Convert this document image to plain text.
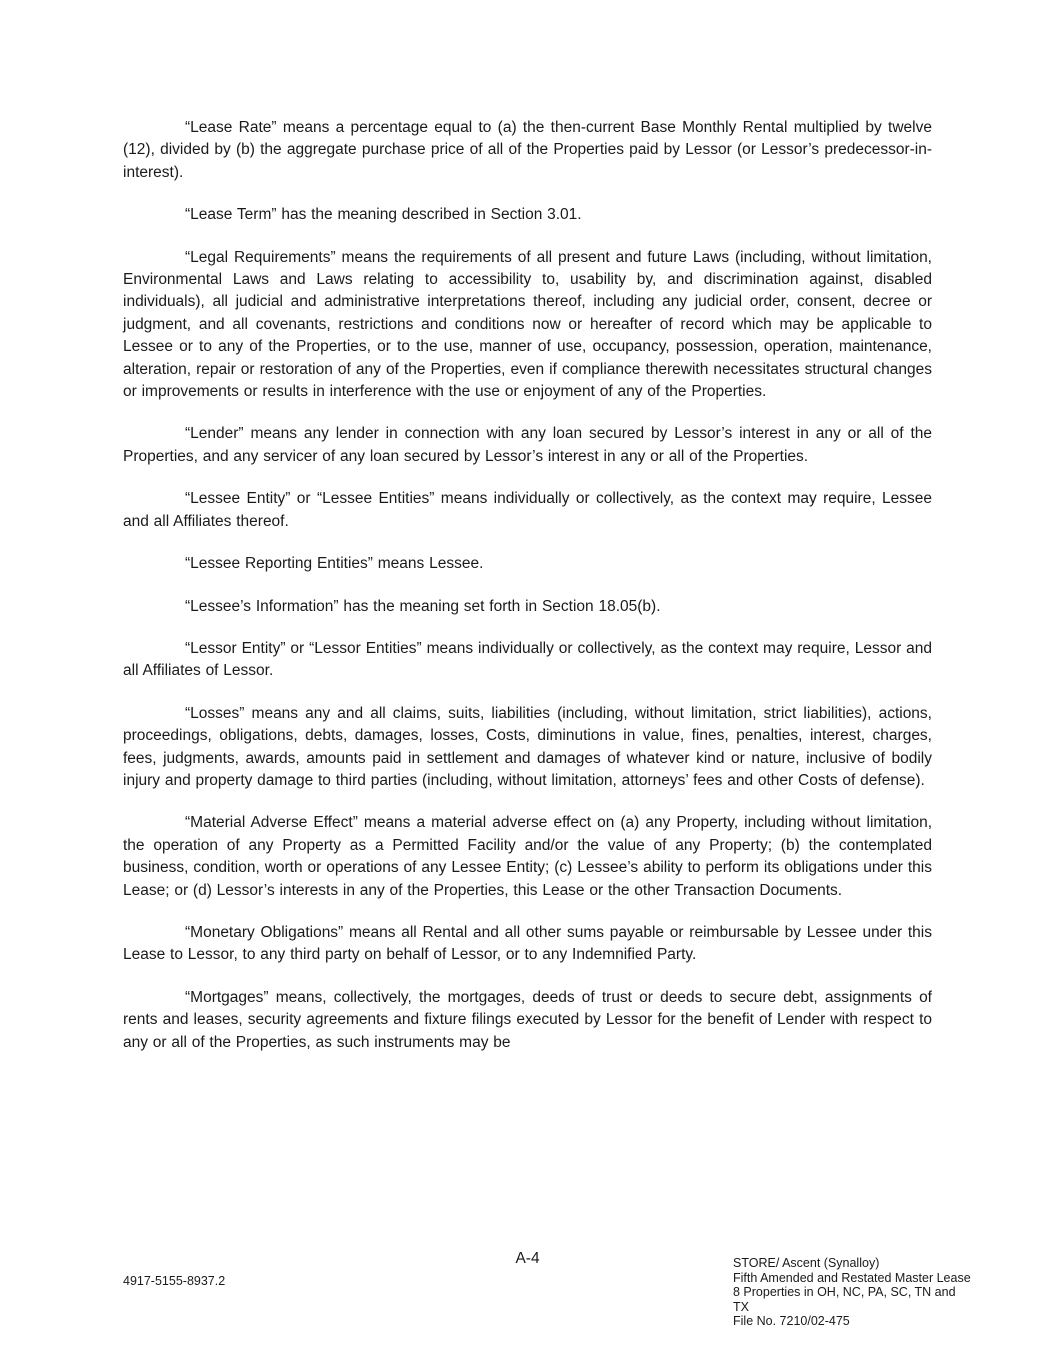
“Lease Rate” means a percentage equal to (a) the then-current Base Monthly Rental multiplied by twelve (12), divided by (b) the aggregate purchase price of all of the Properties paid by Lessor (or Lessor’s predecessor-in-interest).

“Lease Term” has the meaning described in Section 3.01.

“Legal Requirements” means the requirements of all present and future Laws (including, without limitation, Environmental Laws and Laws relating to accessibility to, usability by, and discrimination against, disabled individuals), all judicial and administrative interpretations thereof, including any judicial order, consent, decree or judgment, and all covenants, restrictions and conditions now or hereafter of record which may be applicable to Lessee or to any of the Properties, or to the use, manner of use, occupancy, possession, operation, maintenance, alteration, repair or restoration of any of the Properties, even if compliance therewith necessitates structural changes or improvements or results in interference with the use or enjoyment of any of the Properties.

“Lender” means any lender in connection with any loan secured by Lessor’s interest in any or all of the Properties, and any servicer of any loan secured by Lessor’s interest in any or all of the Properties.

“Lessee Entity” or “Lessee Entities” means individually or collectively, as the context may require, Lessee and all Affiliates thereof.

“Lessee Reporting Entities” means Lessee.

“Lessee’s Information” has the meaning set forth in Section 18.05(b).

“Lessor Entity” or “Lessor Entities” means individually or collectively, as the context may require, Lessor and all Affiliates of Lessor.

“Losses” means any and all claims, suits, liabilities (including, without limitation, strict liabilities), actions, proceedings, obligations, debts, damages, losses, Costs, diminutions in value, fines, penalties, interest, charges, fees, judgments, awards, amounts paid in settlement and damages of whatever kind or nature, inclusive of bodily injury and property damage to third parties (including, without limitation, attorneys’ fees and other Costs of defense).

“Material Adverse Effect” means a material adverse effect on (a) any Property, including without limitation, the operation of any Property as a Permitted Facility and/or the value of any Property; (b) the contemplated business, condition, worth or operations of any Lessee Entity; (c) Lessee’s ability to perform its obligations under this Lease; or (d) Lessor’s interests in any of the Properties, this Lease or the other Transaction Documents.

“Monetary Obligations” means all Rental and all other sums payable or reimbursable by Lessee under this Lease to Lessor, to any third party on behalf of Lessor, or to any Indemnified Party.

“Mortgages” means, collectively, the mortgages, deeds of trust or deeds to secure debt, assignments of rents and leases, security agreements and fixture filings executed by Lessor for the benefit of Lender with respect to any or all of the Properties, as such instruments may be

A-4
4917-5155-8937.2
STORE/ Ascent (Synalloy)
Fifth Amended and Restated Master Lease
8 Properties in OH, NC, PA, SC, TN and TX
File No. 7210/02-475
